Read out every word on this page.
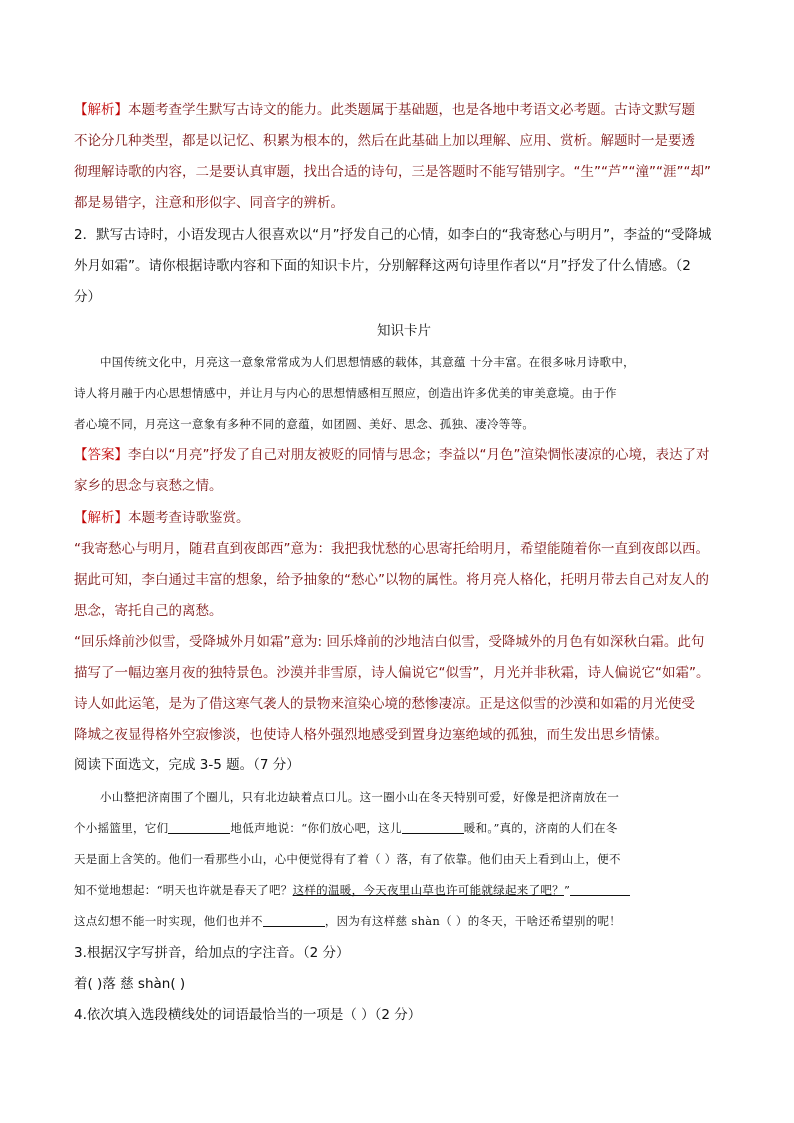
【解析】本题考查学生默写古诗文的能力。此类题属于基础题，也是各地中考语文必考题。古诗文默写题
不论分几种类型，都是以记忆、积累为根本的，然后在此基础上加以理解、应用、赏析。解题时一是要透
彻理解诗歌的内容，二是要认真审题，找出合适的诗句，三是答题时不能写错别字。“生”“芦”“潼”“涯”“却”
都是易错字，注意和形似字、同音字的辨析。
2．默写古诗时，小语发现古人很喜欢以“月”抒发自己的心情，如李白的“我寄愁心与明月”，李益的“受降城
外月如霜”。请你根据诗歌内容和下面的知识卡片，分别解释这两句诗里作者以“月”抒发了什么情感。（2
分）
知识卡片
中国传统文化中，月亮这一意象常常成为人们思想情感的载体，其意蕴 十分丰富。在很多咏月诗歌中，
诗人将月融于内心思想情感中，并让月与内心的思想情感相互照应，创造出许多优美的审美意境。由于作
者心境不同，月亮这一意象有多种不同的意蕴，如团圆、美好、思念、孤独、凄冷等等。
【答案】李白以“月亮”抒发了自己对朋友被贬的同情与思念；李益以“月色”渲染惆怅凄凉的心境，表达了对
家乡的思念与哀愁之情。
【解析】本题考查诗歌鉴赏。
“我寄愁心与明月，随君直到夜郎西”意为：我把我忧愁的心思寄托给明月，希望能随着你一直到夜郎以西。
据此可知，李白通过丰富的想象，给予抽象的“愁心”以物的属性。将月亮人格化，托明月带去自己对友人的
思念，寄托自己的离愁。
“回乐烽前沙似雪，受降城外月如霜”意为: 回乐烽前的沙地洁白似雪，受降城外的月色有如深秋白霜。此句
描写了一幅边塞月夜的独特景色。沙漠并非雪原，诗人偏说它“似雪”，月光并非秋霜，诗人偏说它“如霜”。
诗人如此运笔，是为了借这寒气袭人的景物来渲染心境的愁惨凄凉。正是这似雪的沙漠和如霜的月光使受
降城之夜显得格外空寂惨淡，也使诗人格外强烈地感受到置身边塞绝域的孤独，而生发出思乡情愫。
阅读下面选文，完成 3-5 题。（7 分）
小山整把济南围了个圈儿，只有北边缺着点口儿。这一圈小山在冬天特别可爱，好像是把济南放在一
个小摇篮里，它们	地低声地说：“你们放心吧，这儿	暖和。”真的，济南的人们在冬
天是面上含笑的。他们一看那些小山，心中便觉得有了着（ ）落，有了依靠。他们由天上看到山上，便不
知不觉地想起：“明天也许就是春天了吧？这样的温暖，今天夜里山草也许可能就绿起来了吧？”
这点幻想不能一时实现，他们也并不	，因为有这样慈 shàn（ ）的冬天，干啥还希望别的呢！
3.根据汉字写拼音，给加点的字注音。（2 分）
着( )落 慈 shàn( )
4.依次填入选段横线处的词语最恰当的一项是（ ）（2 分）
